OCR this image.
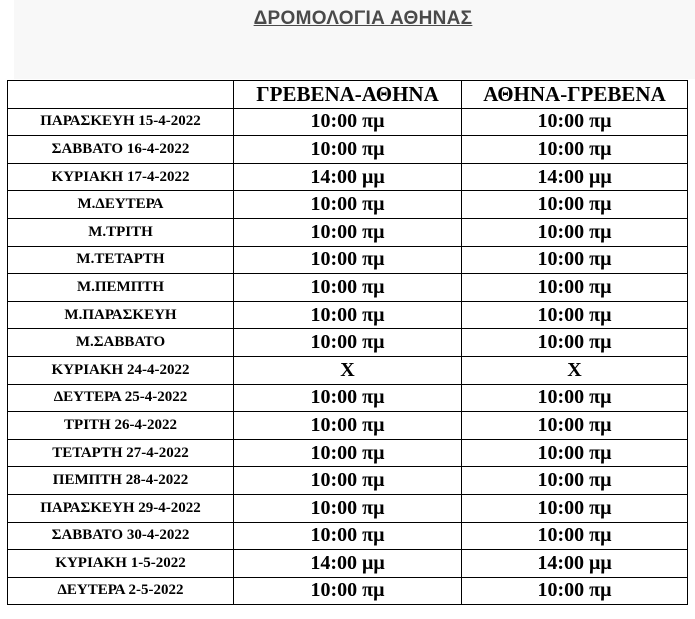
ΔΡΟΜΟΛΟΓΙΑ ΑΘΗΝΑΣ
	ΓΡΕΒΕΝΑ-ΑΘΗΝΑ	ΑΘΗΝΑ-ΓΡΕΒΕΝΑ
ΠΑΡΑΣΚΕΥΗ 15-4-2022	10:00 πμ	10:00 πμ
ΣΑΒΒΑΤΟ 16-4-2022	10:00 πμ	10:00 πμ
ΚΥΡΙΑΚΗ 17-4-2022	14:00 μμ	14:00 μμ
Μ.ΔΕΥΤΕΡΑ	10:00 πμ	10:00 πμ
Μ.ΤΡΙΤΗ	10:00 πμ	10:00 πμ
Μ.ΤΕΤΑΡΤΗ	10:00 πμ	10:00 πμ
Μ.ΠΕΜΠΤΗ	10:00 πμ	10:00 πμ
Μ.ΠΑΡΑΣΚΕΥΗ	10:00 πμ	10:00 πμ
Μ.ΣΑΒΒΑΤΟ	10:00 πμ	10:00 πμ
ΚΥΡΙΑΚΗ 24-4-2022	Χ	Χ
ΔΕΥΤΕΡΑ 25-4-2022	10:00 πμ	10:00 πμ
ΤΡΙΤΗ 26-4-2022	10:00 πμ	10:00 πμ
ΤΕΤΑΡΤΗ 27-4-2022	10:00 πμ	10:00 πμ
ΠΕΜΠΤΗ 28-4-2022	10:00 πμ	10:00 πμ
ΠΑΡΑΣΚΕΥΗ 29-4-2022	10:00 πμ	10:00 πμ
ΣΑΒΒΑΤΟ 30-4-2022	10:00 πμ	10:00 πμ
ΚΥΡΙΑΚΗ 1-5-2022	14:00 μμ	14:00 μμ
ΔΕΥΤΕΡΑ 2-5-2022	10:00 πμ	10:00 πμ
